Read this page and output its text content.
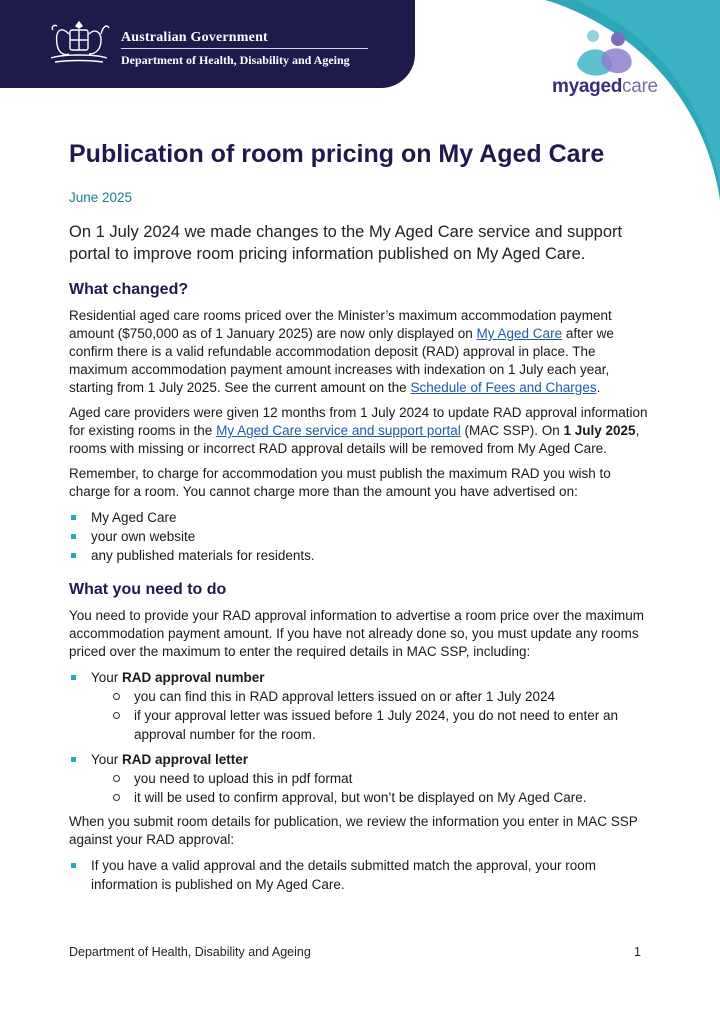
Australian Government
Department of Health, Disability and Ageing
myagedcare
Publication of room pricing on My Aged Care
June 2025
On 1 July 2024 we made changes to the My Aged Care service and support portal to improve room pricing information published on My Aged Care.
What changed?

Residential aged care rooms priced over the Minister’s maximum accommodation payment amount ($750,000 as of 1 January 2025) are now only displayed on My Aged Care after we confirm there is a valid refundable accommodation deposit (RAD) approval in place. The maximum accommodation payment amount increases with indexation on 1 July each year, starting from 1 July 2025. See the current amount on the Schedule of Fees and Charges.

Aged care providers were given 12 months from 1 July 2024 to update RAD approval information for existing rooms in the My Aged Care service and support portal (MAC SSP). On 1 July 2025, rooms with missing or incorrect RAD approval details will be removed from My Aged Care.

Remember, to charge for accommodation you must publish the maximum RAD you wish to charge for a room. You cannot charge more than the amount you have advertised on:

My Aged Care
your own website
any published materials for residents.
What you need to do

You need to provide your RAD approval information to advertise a room price over the maximum accommodation payment amount. If you have not already done so, you must update any rooms priced over the maximum to enter the required details in MAC SSP, including:

Your RAD approval number
you can find this in RAD approval letters issued on or after 1 July 2024
if your approval letter was issued before 1 July 2024, you do not need to enter an approval number for the room.
Your RAD approval letter
you need to upload this in pdf format
it will be used to confirm approval, but won’t be displayed on My Aged Care.

When you submit room details for publication, we review the information you enter in MAC SSP against your RAD approval:

If you have a valid approval and the details submitted match the approval, your room information is published on My Aged Care.
Department of Health, Disability and Ageing	1
